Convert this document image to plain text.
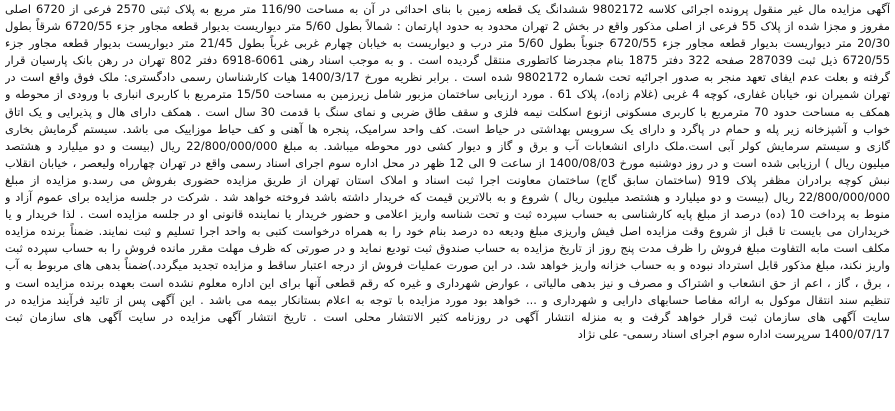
آگهی مزایده مال غیر منقول پرونده اجرائی کلاسه 9802172 ششدانگ یک قطعه زمین با بنای احداثی در آن به مساحت 116/90 متر مربع به پلاک ثبتی 2570 فرعی از 6720 اصلی
مفروز و مجزا شده از پلاک 55 فرعی از اصلی مذکور واقع در بخش 2 تهران محدود به حدود اپارتمان : شمالاً بطول 5/60 متر دیواریست بدیوار قطعه مجاور جزء 6720/55 شرقاً بطول
20/30 متر دیواریست بدیوار قطعه مجاور جزء 6720/55 جنوباً بطول 5/60 متر درب و دیواریست به خیابان چهارم غربی غرباً بطول 21/45 متر دیواریست بدیوار قطعه مجاور جزء
6720/55 ذیل ثبت 287039 صفحه 322 دفتر 1875 بنام مجدرضا کاتطوری منتقل گردیده است . و به موجب اسناد رهنی 6061-6918 دفتر 802 تهران در رهن بانک پارسیان قرار
گرفته و بعلت عدم ایفای تعهد منجر به صدور اجرائیه تحت شماره 9802172 شده است . برابر نظریه مورخ 1400/3/17 هیات کارشناسان رسمی دادگستری: ملک فوق واقع است در
تهران شمیران نو، خیابان غفاری، کوچه 4 غربی (غلام زاده)، پلاک 61 . مورد ارزیابی ساختمان مزبور شامل زیرزمین به مساحت 15/50 مترمربع با کاربری انباری با ورودی از محوطه و
همکف به مساحت حدود 70 مترمربع با کاربری مسکونی ازنوع اسکلت نیمه فلزی و سقف طاق ضربی و نمای سنگ با قدمت 30 سال است . همکف دارای هال و پذیرایی و یک اتاق
خواب و آشپزخانه زیر پله و حمام در پاگرد و دارای یک سرویس بهداشتی در حیاط است. کف واحد سرامیک، پنجره ها آهنی و کف حیاط موزاییک می باشد. سیستم گرمایش بخاری
گازی و سیستم سرمایش کولر آبی است.ملک دارای انشعابات آب و برق و گاز و دیوار کشی دور محوطه میباشد. به مبلغ 22/800/000/000 ریال (بیست و دو میلیارد و هشتصد
میلیون ریال ) ارزیابی شده است و در روز دوشنبه مورخ 1400/08/03 از ساعت 9 الی 12 ظهر در محل اداره سوم اجرای اسناد رسمی واقع در تهران چهارراه ولیعصر ، خیابان انقلاب
نبش کوچه برادران مظفر پلاک 919 (ساختمان سابق گاج) ساختمان معاونت اجرا ثبت اسناد و املاک استان تهران از طریق مزایده حضوری بفروش می رسد.و مزایده از مبلغ
22/800/000/000 ریال (بیست و دو میلیارد و هشتصد میلیون ریال ) شروع و به بالاترین قیمت که خریدار داشته باشد فروخته خواهد شد . شرکت در جلسه مزایده برای عموم آزاد و
منوط به پرداخت 10 (ده) درصد از مبلغ پایه کارشناسی به حساب سپرده ثبت و تحت شناسه واریز اعلامی و حضور خریدار یا نماینده قانونی او در جلسه مزایده است . لذا خریدار و یا
خریداران می بایست تا قبل از شروع وقت مزایده اصل فیش واریزی مبلغ ودیعه ده درصد بنام خود را به همراه درخواست کتبی به واحد اجرا تسلیم و ثبت نمایند. ضمناً برنده مزایده
مکلف است مابه التفاوت مبلغ فروش را ظرف مدت پنج روز از تاریخ مزایده به حساب صندوق ثبت تودیع نماید و در صورتی که ظرف مهلت مقرر مانده فروش را به حساب سپرده ثبت
واریز نکند، مبلغ مذکور قابل استرداد نبوده و به حساب خزانه واریز خواهد شد. در این صورت عملیات فروش از درجه اعتبار ساقط و مزایده تجدید میگردد.)ضمناً بدهی های مربوط به آب
، برق ، گاز ، اعم از حق انشعاب و اشتراک و مصرف و نیز بدهی مالیاتی ، عوارض شهرداری و غیره که رقم قطعی آنها برای این اداره معلوم نشده است بعهده برنده مزایده است و
تنظیم سند انتقال موکول به ارائه مفاصا حسابهای دارایی و شهرداری و ... خواهد بود مورد مزایده با توجه به اعلام بستانکار بیمه می باشد . این آگهی پس از تائید فرآیند مزایده در
سایت آگهی های سازمان ثبت قرار خواهد گرفت و به منزله انتشار آگهی در روزنامه کثیر الانتشار محلی است . تاریخ انتشار آگهی مزایده در سایت آگهی های سازمان ثبت
1400/07/17 سرپرست اداره سوم اجرای اسناد رسمی- علی نژاد
